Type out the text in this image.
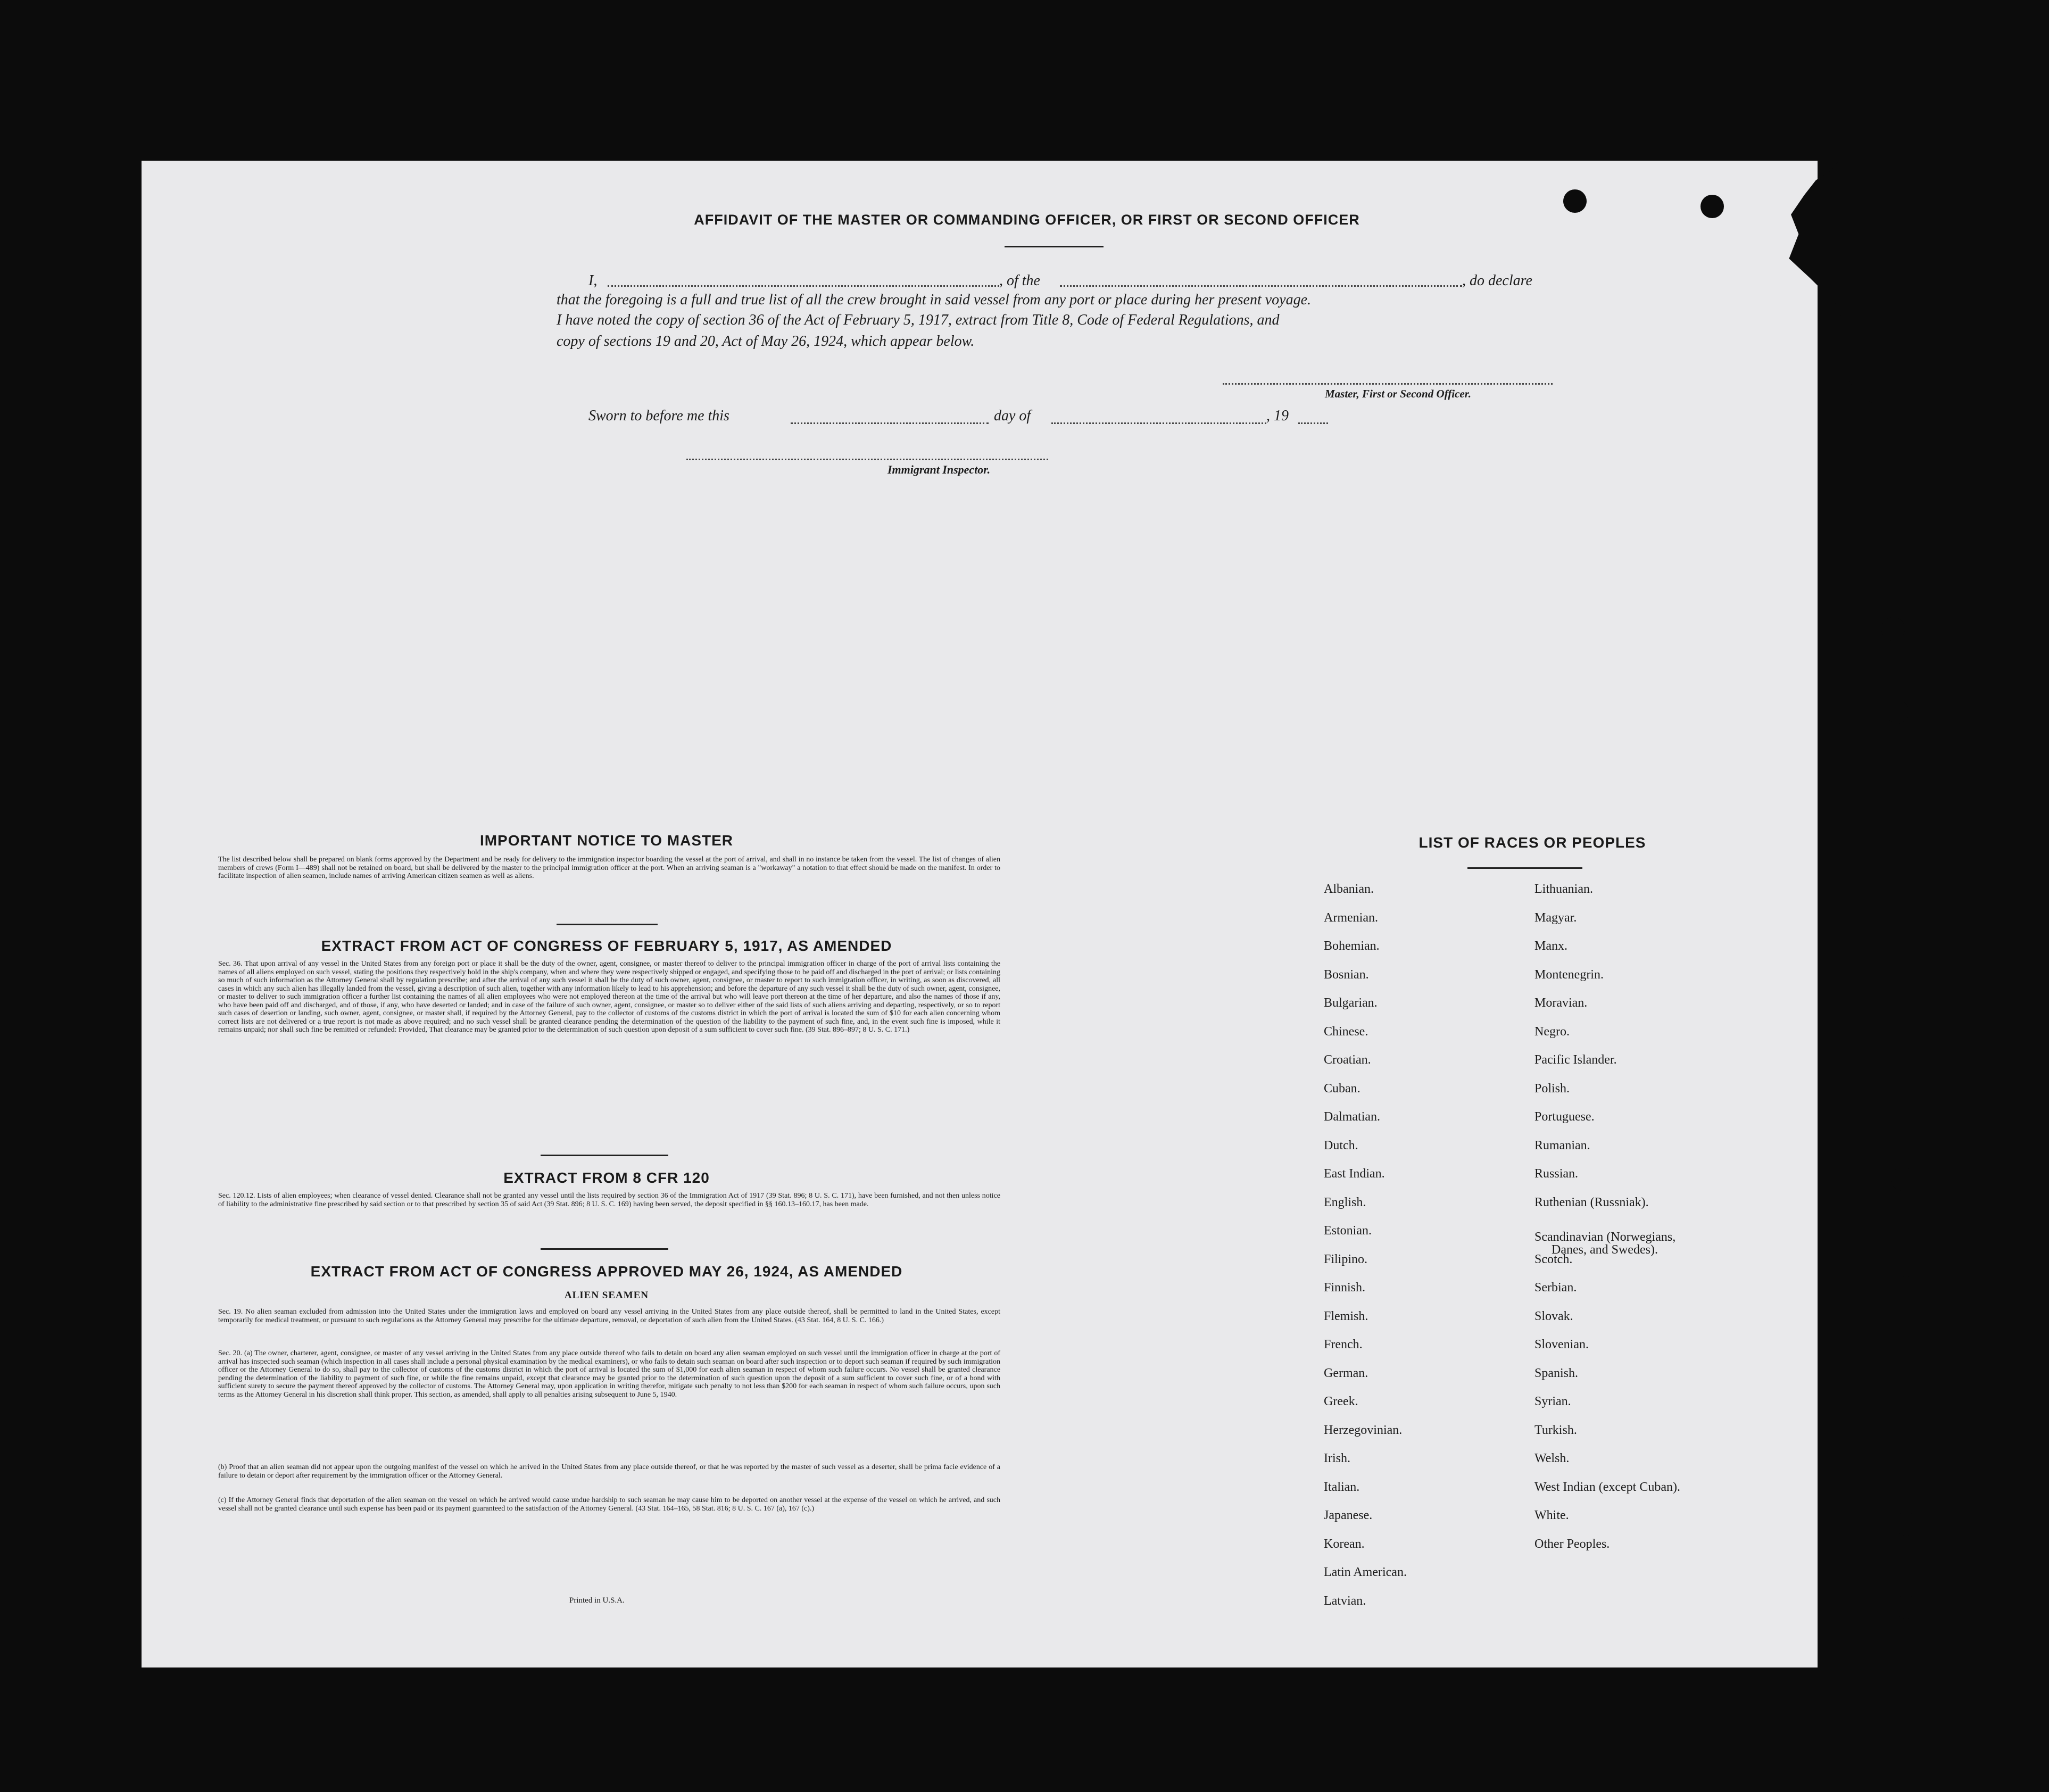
AFFIDAVIT OF THE MASTER OR COMMANDING OFFICER, OR FIRST OR SECOND OFFICER
I,	, of the	, do declare
that the foregoing is a full and true list of all the crew brought in said vessel from any port or place during her present voyage.
I have noted the copy of section 36 of the Act of February 5, 1917, extract from Title 8, Code of Federal Regulations, and
copy of sections 19 and 20, Act of May 26, 1924, which appear below.
Master, First or Second Officer.
Sworn to before me this	day of	, 19
Immigrant Inspector.
IMPORTANT NOTICE TO MASTER
The list described below shall be prepared on blank forms approved by the Department and be ready for delivery to the immigration inspector boarding the vessel at the port of arrival, and shall in no instance be taken from the vessel. The list of changes of alien members of crews (Form I—489) shall not be retained on board, but shall be delivered by the master to the principal immigration officer at the port. When an arriving seaman is a "workaway" a notation to that effect should be made on the manifest. In order to facilitate inspection of alien seamen, include names of arriving American citizen seamen as well as aliens.
EXTRACT FROM ACT OF CONGRESS OF FEBRUARY 5, 1917, AS AMENDED
Sec. 36. That upon arrival of any vessel in the United States from any foreign port or place it shall be the duty of the owner, agent, consignee, or master thereof to deliver to the principal immigration officer in charge of the port of arrival lists containing the names of all aliens employed on such vessel, stating the positions they respectively hold in the ship's company, when and where they were respectively shipped or engaged, and specifying those to be paid off and discharged in the port of arrival; or lists containing so much of such information as the Attorney General shall by regulation prescribe; and after the arrival of any such vessel it shall be the duty of such owner, agent, consignee, or master to report to such immigration officer, in writing, as soon as discovered, all cases in which any such alien has illegally landed from the vessel, giving a description of such alien, together with any information likely to lead to his apprehension; and before the departure of any such vessel it shall be the duty of such owner, agent, consignee, or master to deliver to such immigration officer a further list containing the names of all alien employees who were not employed thereon at the time of the arrival but who will leave port thereon at the time of her departure, and also the names of those if any, who have been paid off and discharged, and of those, if any, who have deserted or landed; and in case of the failure of such owner, agent, consignee, or master so to deliver either of the said lists of such aliens arriving and departing, respectively, or so to report such cases of desertion or landing, such owner, agent, consignee, or master shall, if required by the Attorney General, pay to the collector of customs of the customs district in which the port of arrival is located the sum of $10 for each alien concerning whom correct lists are not delivered or a true report is not made as above required; and no such vessel shall be granted clearance pending the determination of the question of the liability to the payment of such fine, and, in the event such fine is imposed, while it remains unpaid; nor shall such fine be remitted or refunded: Provided, That clearance may be granted prior to the determination of such question upon deposit of a sum sufficient to cover such fine. (39 Stat. 896–897; 8 U. S. C. 171.)
EXTRACT FROM 8 CFR 120
Sec. 120.12. Lists of alien employees; when clearance of vessel denied. Clearance shall not be granted any vessel until the lists required by section 36 of the Immigration Act of 1917 (39 Stat. 896; 8 U. S. C. 171), have been furnished, and not then unless notice of liability to the administrative fine prescribed by said section or to that prescribed by section 35 of said Act (39 Stat. 896; 8 U. S. C. 169) having been served, the deposit specified in §§ 160.13–160.17, has been made.
EXTRACT FROM ACT OF CONGRESS APPROVED MAY 26, 1924, AS AMENDED
ALIEN SEAMEN
Sec. 19. No alien seaman excluded from admission into the United States under the immigration laws and employed on board any vessel arriving in the United States from any place outside thereof, shall be permitted to land in the United States, except temporarily for medical treatment, or pursuant to such regulations as the Attorney General may prescribe for the ultimate departure, removal, or deportation of such alien from the United States. (43 Stat. 164, 8 U. S. C. 166.)
Sec. 20. (a) The owner, charterer, agent, consignee, or master of any vessel arriving in the United States from any place outside thereof who fails to detain on board any alien seaman employed on such vessel until the immigration officer in charge at the port of arrival has inspected such seaman (which inspection in all cases shall include a personal physical examination by the medical examiners), or who fails to detain such seaman on board after such inspection or to deport such seaman if required by such immigration officer or the Attorney General to do so, shall pay to the collector of customs of the customs district in which the port of arrival is located the sum of $1,000 for each alien seaman in respect of whom such failure occurs. No vessel shall be granted clearance pending the determination of the liability to payment of such fine, or while the fine remains unpaid, except that clearance may be granted prior to the determination of such question upon the deposit of a sum sufficient to cover such fine, or of a bond with sufficient surety to secure the payment thereof approved by the collector of customs. The Attorney General may, upon application in writing therefor, mitigate such penalty to not less than $200 for each seaman in respect of whom such failure occurs, upon such terms as the Attorney General in his discretion shall think proper. This section, as amended, shall apply to all penalties arising subsequent to June 5, 1940.
(b) Proof that an alien seaman did not appear upon the outgoing manifest of the vessel on which he arrived in the United States from any place outside thereof, or that he was reported by the master of such vessel as a deserter, shall be prima facie evidence of a failure to detain or deport after requirement by the immigration officer or the Attorney General.
(c) If the Attorney General finds that deportation of the alien seaman on the vessel on which he arrived would cause undue hardship to such seaman he may cause him to be deported on another vessel at the expense of the vessel on which he arrived, and such vessel shall not be granted clearance until such expense has been paid or its payment guaranteed to the satisfaction of the Attorney General. (43 Stat. 164–165, 58 Stat. 816; 8 U. S. C. 167 (a), 167 (c).)
Printed in U.S.A.
LIST OF RACES OR PEOPLES
Albanian.
Armenian.
Bohemian.
Bosnian.
Bulgarian.
Chinese.
Croatian.
Cuban.
Dalmatian.
Dutch.
East Indian.
English.
Estonian.
Filipino.
Finnish.
Flemish.
French.
German.
Greek.
Herzegovinian.
Irish.
Italian.
Japanese.
Korean.
Latin American.
Latvian.
Lithuanian.
Magyar.
Manx.
Montenegrin.
Moravian.
Negro.
Pacific Islander.
Polish.
Portuguese.
Rumanian.
Russian.
Ruthenian (Russniak).
Scandinavian (Norwegians,
Danes, and Swedes).
Scotch.
Serbian.
Slovak.
Slovenian.
Spanish.
Syrian.
Turkish.
Welsh.
West Indian (except Cuban).
White.
Other Peoples.
